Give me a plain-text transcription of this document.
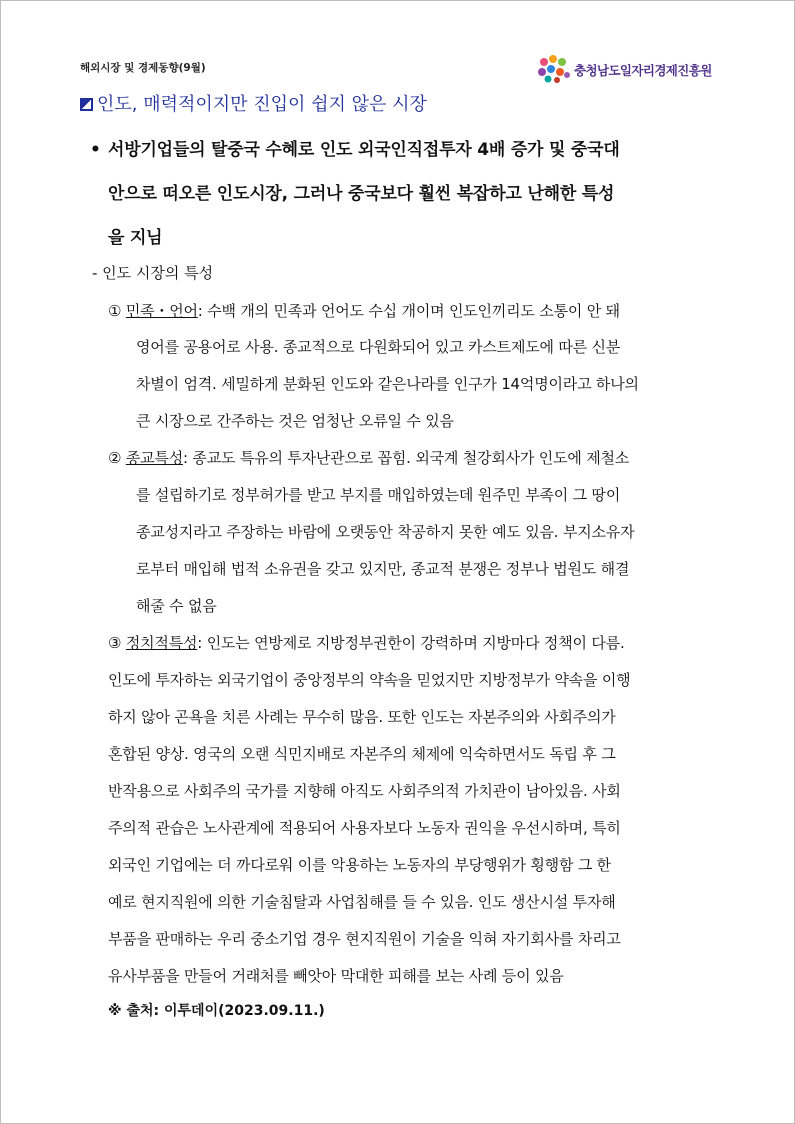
해외시장 및 경제동향(9월)	충청남도일자리경제진흥원
인도, 매력적이지만 진입이 쉽지 않은 시장
• 서방기업들의 탈중국 수혜로 인도 외국인직접투자 4배 증가 및 중국대
안으로 떠오른 인도시장, 그러나 중국보다 훨씬 복잡하고 난해한 특성
을 지님
- 인도 시장의 특성
① 민족・언어: 수백 개의 민족과 언어도 수십 개이며 인도인끼리도 소통이 안 돼
영어를 공용어로 사용. 종교적으로 다원화되어 있고 카스트제도에 따른 신분
차별이 엄격. 세밀하게 분화된 인도와 같은나라를 인구가 14억명이라고 하나의
큰 시장으로 간주하는 것은 엄청난 오류일 수 있음
② 종교특성: 종교도 특유의 투자난관으로 꼽힘. 외국계 철강회사가 인도에 제철소
를 설립하기로 정부허가를 받고 부지를 매입하였는데 원주민 부족이 그 땅이
종교성지라고 주장하는 바람에 오랫동안 착공하지 못한 예도 있음. 부지소유자
로부터 매입해 법적 소유권을 갖고 있지만, 종교적 분쟁은 정부나 법원도 해결
해줄 수 없음
③ 정치적특성: 인도는 연방제로 지방정부권한이 강력하며 지방마다 정책이 다름.
인도에 투자하는 외국기업이 중앙정부의 약속을 믿었지만 지방정부가 약속을 이행
하지 않아 곤욕을 치른 사례는 무수히 많음. 또한 인도는 자본주의와 사회주의가
혼합된 양상. 영국의 오랜 식민지배로 자본주의 체제에 익숙하면서도 독립 후 그
반작용으로 사회주의 국가를 지향해 아직도 사회주의적 가치관이 남아있음. 사회
주의적 관습은 노사관계에 적용되어 사용자보다 노동자 권익을 우선시하며, 특히
외국인 기업에는 더 까다로워 이를 악용하는 노동자의 부당행위가 횡행함 그 한
예로 현지직원에 의한 기술침탈과 사업침해를 들 수 있음. 인도 생산시설 투자해
부품을 판매하는 우리 중소기업 경우 현지직원이 기술을 익혀 자기회사를 차리고
유사부품을 만들어 거래처를 빼앗아 막대한 피해를 보는 사례 등이 있음
※ 출처: 이투데이(2023.09.11.)
